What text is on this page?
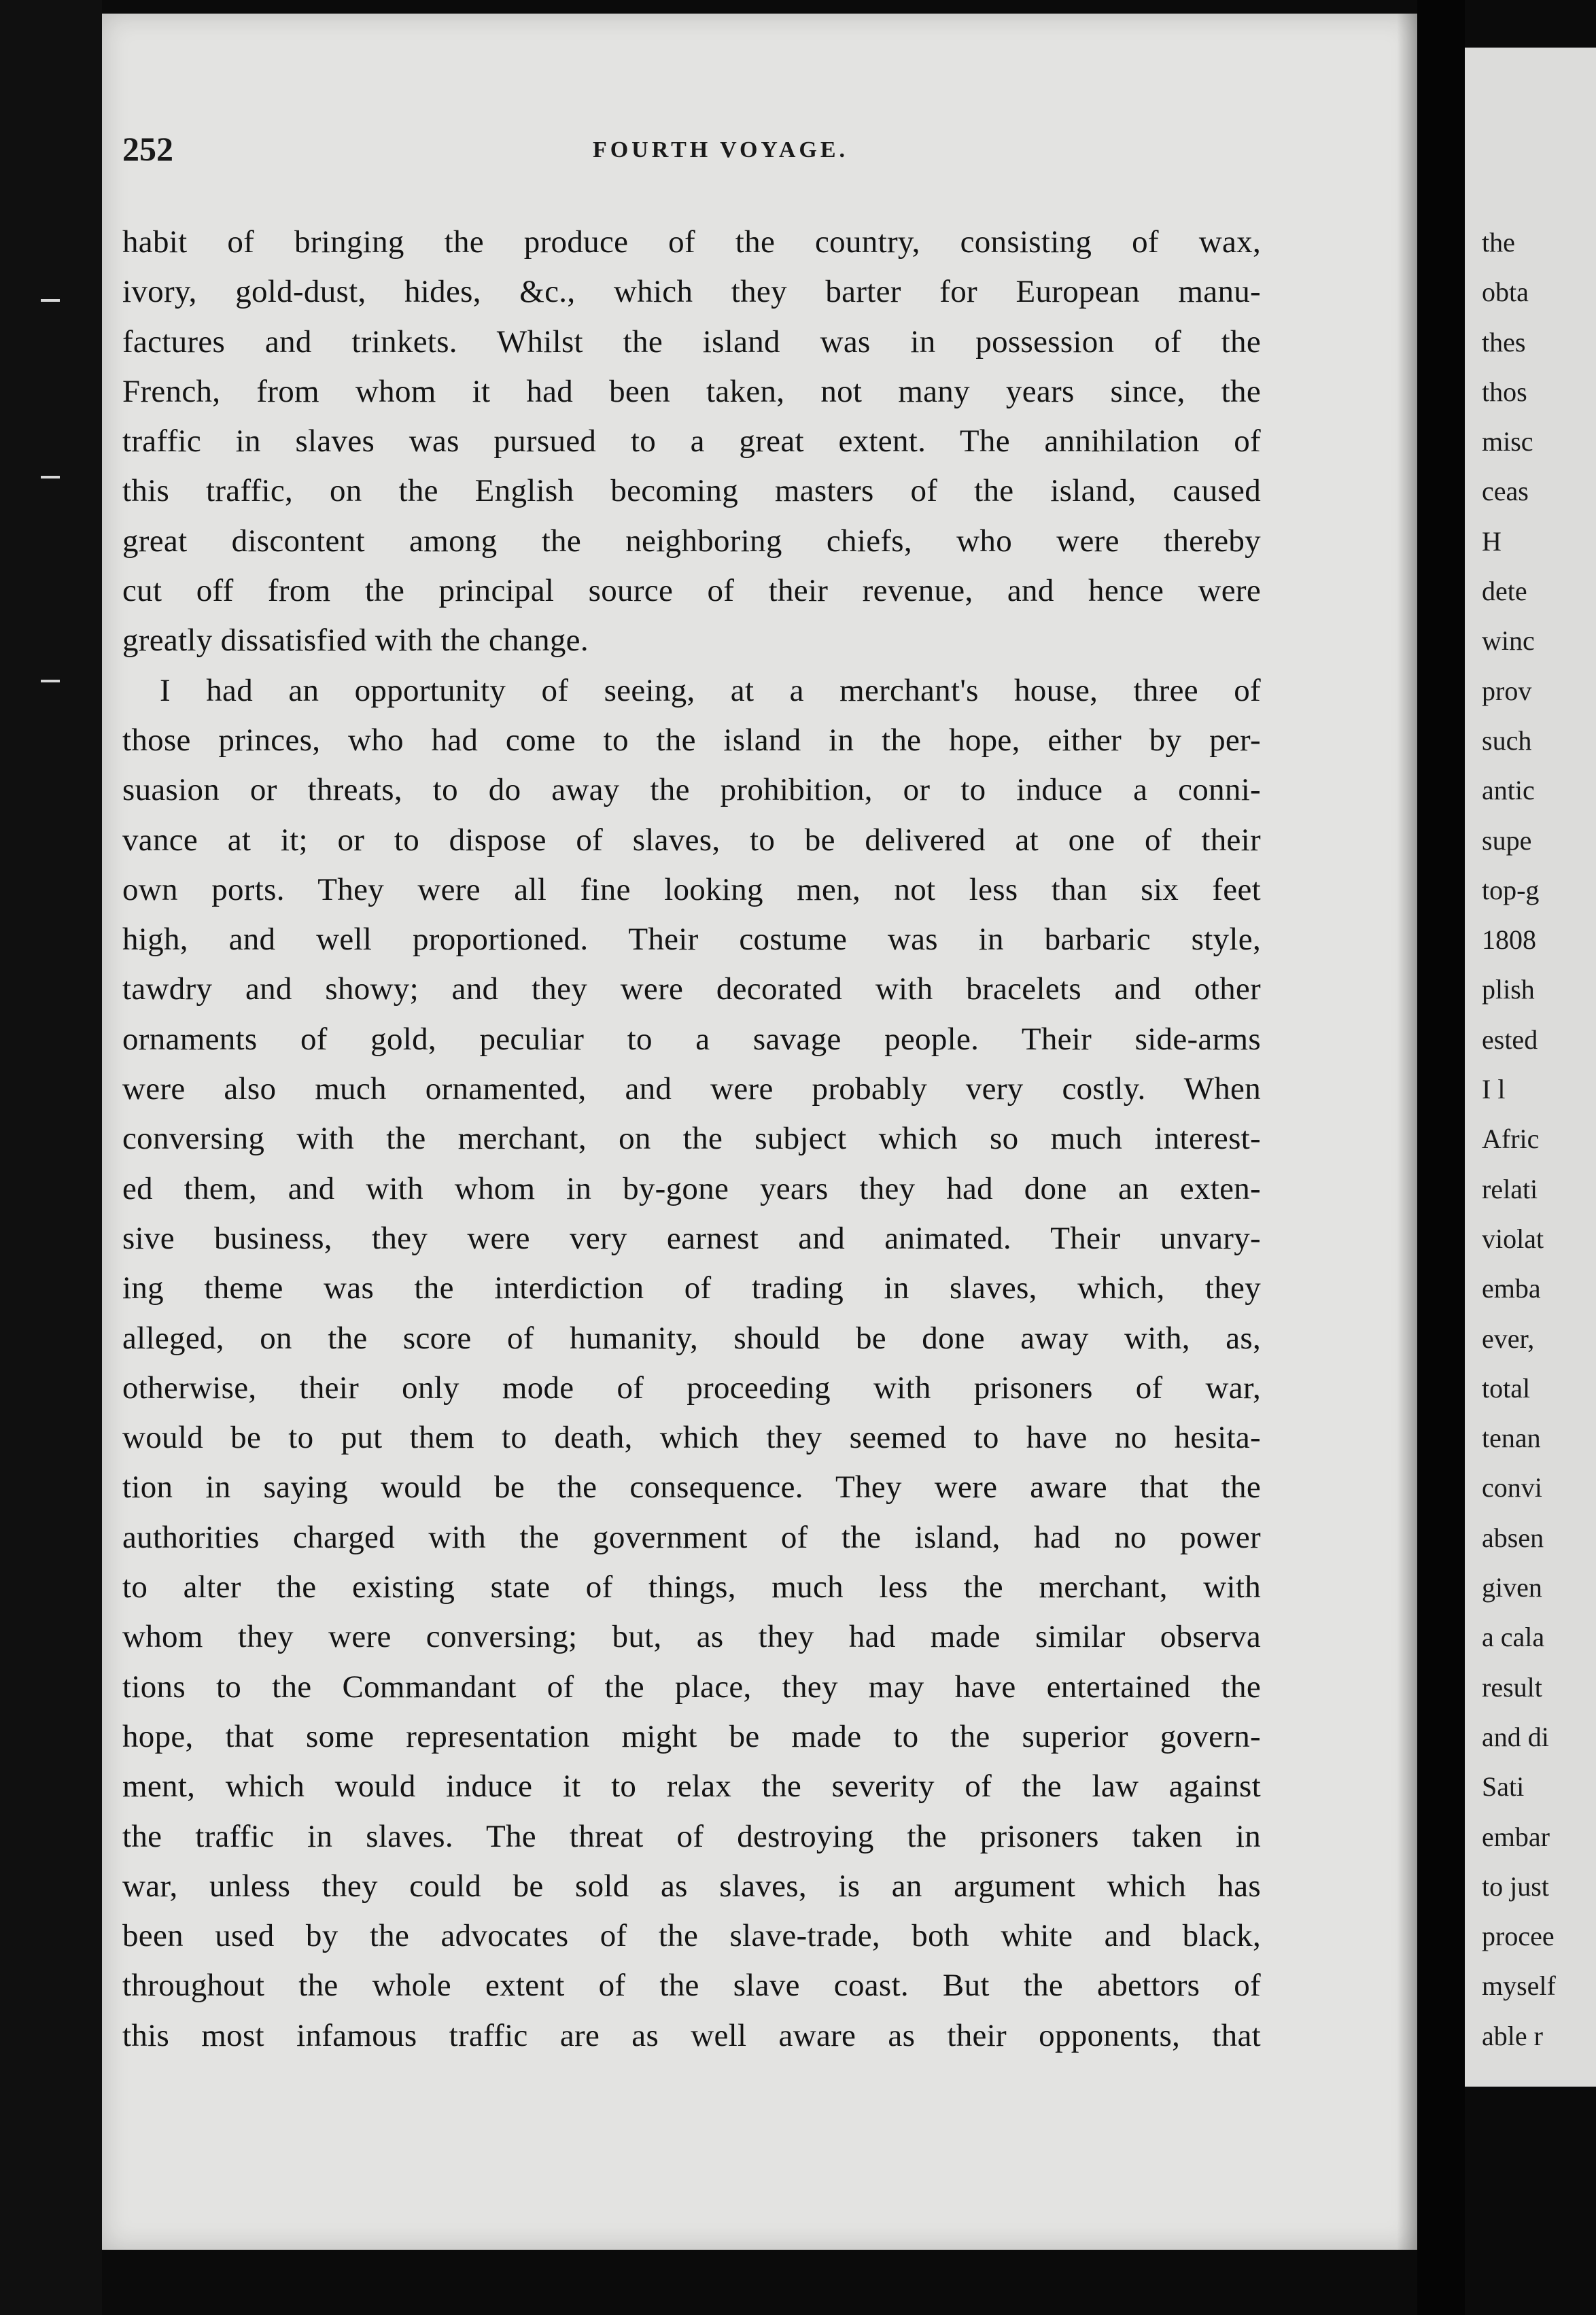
252	FOURTH VOYAGE.
habit of bringing the produce of the country, consisting of wax,
ivory, gold-dust, hides, &c., which they barter for European manu-
factures and trinkets. Whilst the island was in possession of the
French, from whom it had been taken, not many years since, the
traffic in slaves was pursued to a great extent. The annihilation of
this traffic, on the English becoming masters of the island, caused
great discontent among the neighboring chiefs, who were thereby
cut off from the principal source of their revenue, and hence were
greatly dissatisfied with the change.
I had an opportunity of seeing, at a merchant's house, three of
those princes, who had come to the island in the hope, either by per-
suasion or threats, to do away the prohibition, or to induce a conni-
vance at it; or to dispose of slaves, to be delivered at one of their
own ports. They were all fine looking men, not less than six feet
high, and well proportioned. Their costume was in barbaric style,
tawdry and showy; and they were decorated with bracelets and other
ornaments of gold, peculiar to a savage people. Their side-arms
were also much ornamented, and were probably very costly. When
conversing with the merchant, on the subject which so much interest-
ed them, and with whom in by-gone years they had done an exten-
sive business, they were very earnest and animated. Their unvary-
ing theme was the interdiction of trading in slaves, which, they
alleged, on the score of humanity, should be done away with, as,
otherwise, their only mode of proceeding with prisoners of war,
would be to put them to death, which they seemed to have no hesita-
tion in saying would be the consequence. They were aware that the
authorities charged with the government of the island, had no power
to alter the existing state of things, much less the merchant, with
whom they were conversing; but, as they had made similar observa
tions to the Commandant of the place, they may have entertained the
hope, that some representation might be made to the superior govern-
ment, which would induce it to relax the severity of the law against
the traffic in slaves. The threat of destroying the prisoners taken in
war, unless they could be sold as slaves, is an argument which has
been used by the advocates of the slave-trade, both white and black,
throughout the whole extent of the slave coast. But the abettors of
this most infamous traffic are as well aware as their opponents, that
the
obta
thes
thos
misc
ceas
H
dete
winc
prov
such
antic
supe
top-g
1808
plish
ested
I l
Afric
relati
violat
emba
ever,
total
tenan
convi
absen
given
a cala
result
and di
Sati
embar
to just
procee
myself
able r
